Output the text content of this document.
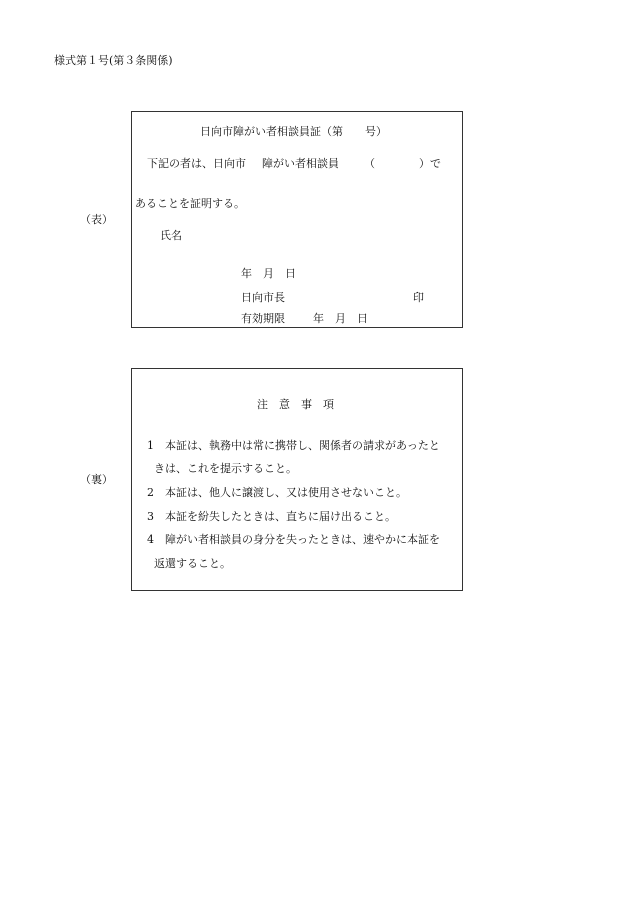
様式第１号(第３条関係)
（表）
日向市障がい者相談員証（第　　号）
下記の者は、日向市 障がい者相談員 （	）で
あることを証明する。
氏名
年　月　日
日向市長	印
有効期限	年　月　日
（裏）
注　意　事　項
1 本証は、執務中は常に携帯し、関係者の請求があったと
きは、これを提示すること。
2 本証は、他人に譲渡し、又は使用させないこと。
3 本証を紛失したときは、直ちに届け出ること。
4 障がい者相談員の身分を失ったときは、速やかに本証を
返還すること。
